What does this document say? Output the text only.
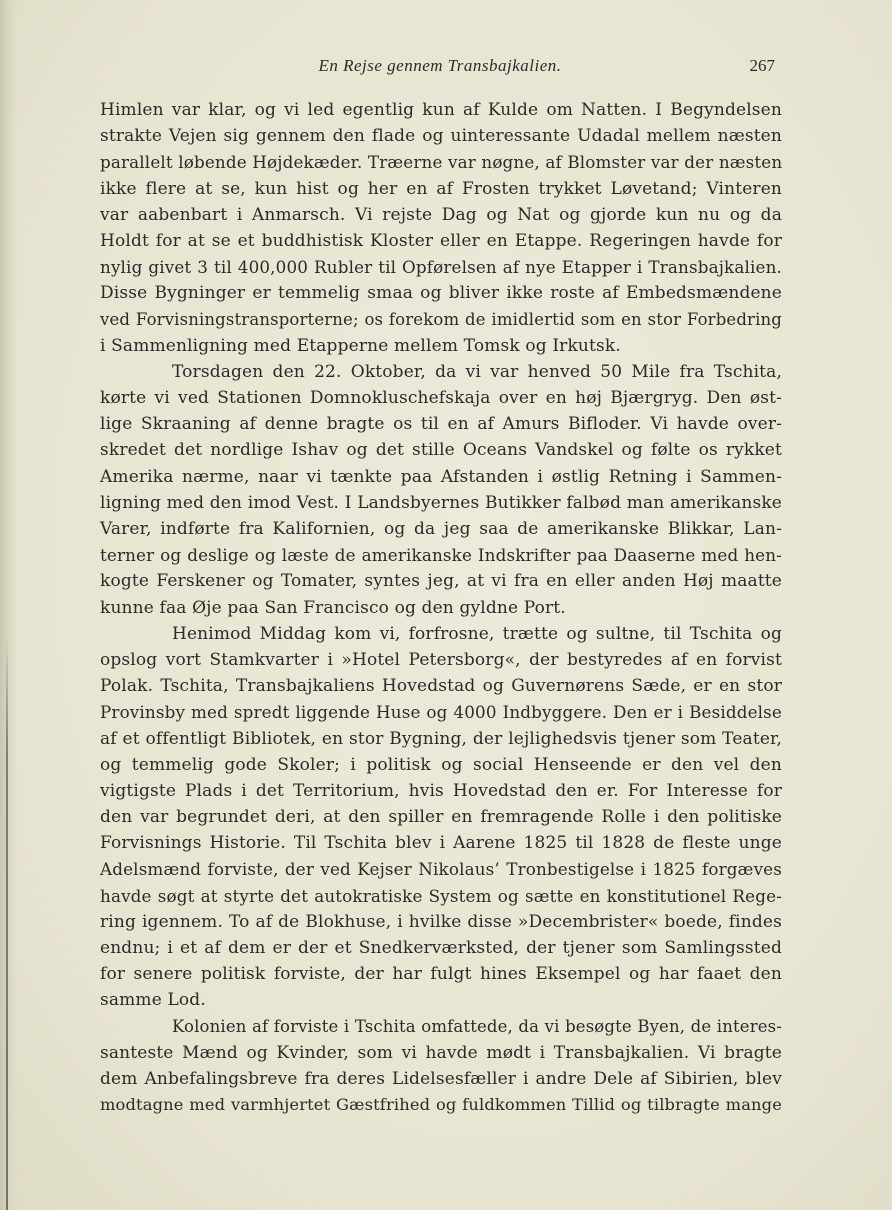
En Rejse gennem Transbajkalien.	267
Himlen var klar, og vi led egentlig kun af Kulde om Natten. I Begyndelsen
strakte Vejen sig gennem den flade og uinteressante Udadal mellem næsten
parallelt løbende Højdekæder. Træerne var nøgne, af Blomster var der næsten
ikke flere at se, kun hist og her en af Frosten trykket Løvetand; Vinteren
var aabenbart i Anmarsch. Vi rejste Dag og Nat og gjorde kun nu og da
Holdt for at se et buddhistisk Kloster eller en Etappe. Regeringen havde for
nylig givet 3 til 400,000 Rubler til Opførelsen af nye Etapper i Transbajkalien.
Disse Bygninger er temmelig smaa og bliver ikke roste af Embedsmændene
ved Forvisningstransporterne; os forekom de imidlertid som en stor Forbedring
i Sammenligning med Etapperne mellem Tomsk og Irkutsk.
Torsdagen den 22. Oktober, da vi var henved 50 Mile fra Tschita,
kørte vi ved Stationen Domnokluschefskaja over en høj Bjærgryg. Den øst-
lige Skraaning af denne bragte os til en af Amurs Bifloder. Vi havde over-
skredet det nordlige Ishav og det stille Oceans Vandskel og følte os rykket
Amerika nærme, naar vi tænkte paa Afstanden i østlig Retning i Sammen-
ligning med den imod Vest. I Landsbyernes Butikker falbød man amerikanske
Varer, indførte fra Kalifornien, og da jeg saa de amerikanske Blikkar, Lan-
terner og deslige og læste de amerikanske Indskrifter paa Daaserne med hen-
kogte Ferskener og Tomater, syntes jeg, at vi fra en eller anden Høj maatte
kunne faa Øje paa San Francisco og den gyldne Port.
Henimod Middag kom vi, forfrosne, trætte og sultne, til Tschita og
opslog vort Stamkvarter i »Hotel Petersborg«, der bestyredes af en forvist
Polak. Tschita, Transbajkaliens Hovedstad og Guvernørens Sæde, er en stor
Provinsby med spredt liggende Huse og 4000 Indbyggere. Den er i Besiddelse
af et offentligt Bibliotek, en stor Bygning, der lejlighedsvis tjener som Teater,
og temmelig gode Skoler; i politisk og social Henseende er den vel den
vigtigste Plads i det Territorium, hvis Hovedstad den er. For Interesse for
den var begrundet deri, at den spiller en fremragende Rolle i den politiske
Forvisnings Historie. Til Tschita blev i Aarene 1825 til 1828 de fleste unge
Adelsmænd forviste, der ved Kejser Nikolaus’ Tronbestigelse i 1825 forgæves
havde søgt at styrte det autokratiske System og sætte en konstitutionel Rege-
ring igennem. To af de Blokhuse, i hvilke disse »Decembrister« boede, findes
endnu; i et af dem er der et Snedkerværksted, der tjener som Samlingssted
for senere politisk forviste, der har fulgt hines Eksempel og har faaet den
samme Lod.
Kolonien af forviste i Tschita omfattede, da vi besøgte Byen, de interes-
santeste Mænd og Kvinder, som vi havde mødt i Transbajkalien. Vi bragte
dem Anbefalingsbreve fra deres Lidelsesfæller i andre Dele af Sibirien, blev
modtagne med varmhjertet Gæstfrihed og fuldkommen Tillid og tilbragte mange
